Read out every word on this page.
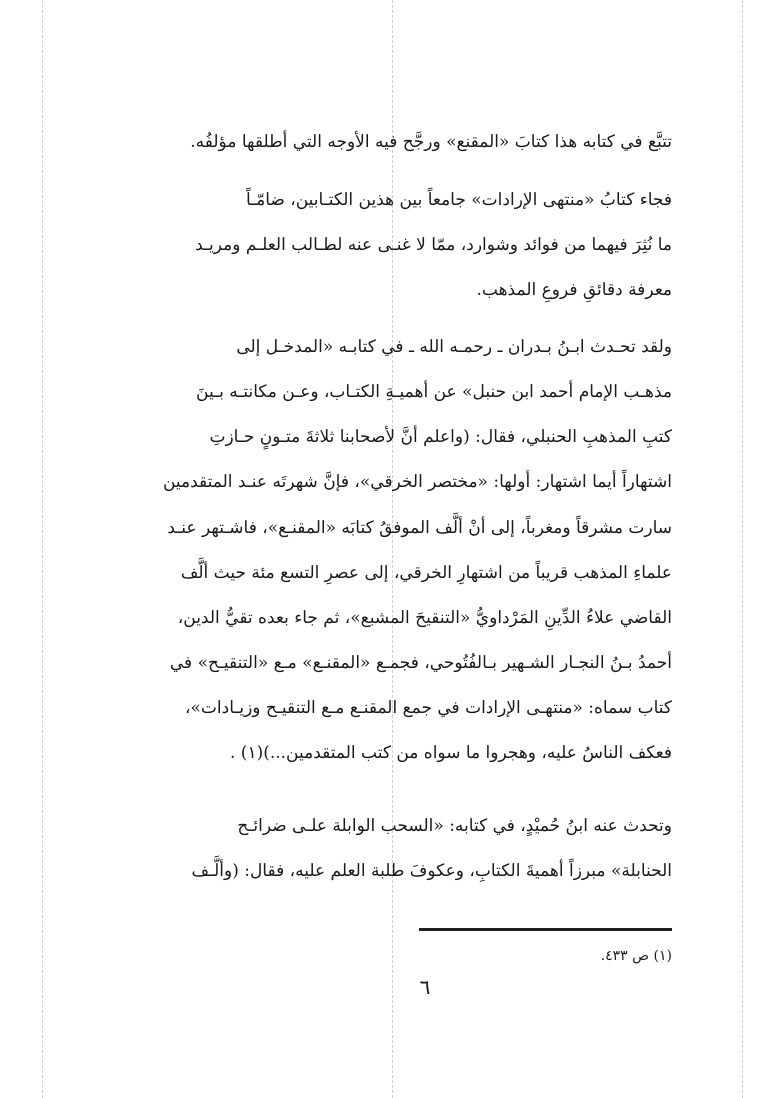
تتبَّع في كتابه هذا كتابَ «المقنع» ورجَّح فيه الأوجه التي أطلقها مؤلفُه.
فجاء كتابُ «منتهى الإرادات» جامعاً بين هذين الكتـابين، ضامّـاً
ما نُثِرَ فيهما من فوائد وشوارد، ممّا لا غنـى عنه لطـالب العلـم ومريـد
معرفة دقائقِ فروعِ المذهب.
ولقد تحـدث ابـنُ بـدران ـ رحمـه الله ـ في كتابـه «المدخـل إلى
مذهـب الإمام أحمد ابن حنبل» عن أهميـةِ الكتـاب، وعـن مكانتـه بـينَ
كتبِ المذهبِ الحنبلي، فقال: (واعلم أنَّ لأصحابنا ثلاثةَ متـونٍ حـازتِ
اشتهاراً أيما اشتهار: أولها: «مختصر الخرقي»، فإنَّ شهرتَه عنـد المتقدمين
سارت مشرقاً ومغرباً، إلى أنْ ألَّف الموفقُ كتابَه «المقنـع»، فاشـتهر عنـد
علماءِ المذهب قريباً من اشتهارِ الخرقي، إلى عصرِ التسع مئة حيث ألَّف
القاضي علاءُ الدِّينِ المَرْداويُّ «التنقيحَ المشبع»، ثم جاء بعده تقيُّ الدين،
أحمدُ بـنُ النجـار الشـهير بـالفُتُوحي، فجمـع «المقنـع» مـع «التنقيـح» في
كتاب سماه: «منتهـى الإرادات في جمع المقنـع مـع التنقيـح وزيـادات»،
فعكف الناسُ عليه، وهجروا ما سواه من كتب المتقدمين...)(١) .
وتحدث عنه ابنُ حُميْدٍ، في كتابه: «السحب الوابلة علـى ضرائـح
الحنابلة» مبرزاً أهميةَ الكتابِ، وعكوفَ طلبة العلم عليه، فقال: (وألَّـف
(١) ص ٤٣٣.
٦
